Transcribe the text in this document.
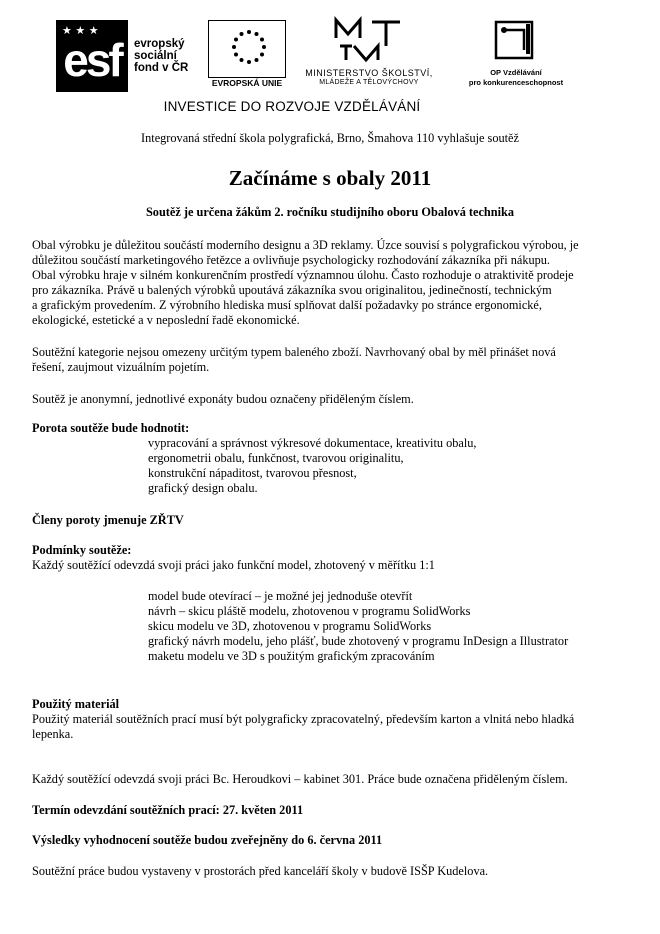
esf
★ ★ ★
evropský
sociální
fond v ČR
EVROPSKÁ UNIE
MINISTERSTVO ŠKOLSTVÍ,
MLÁDEŽE A TĚLOVÝCHOVY
OP Vzdělávání
pro konkurenceschopnost
INVESTICE DO ROZVOJE VZDĚLÁVÁNÍ
Integrovaná střední škola polygrafická, Brno, Šmahova 110 vyhlašuje soutěž
Začínáme s obaly 2011
Soutěž je určena žákům 2. ročníku studijního oboru Obalová technika
Obal výrobku je důležitou součástí moderního designu a 3D reklamy. Úzce souvisí s polygrafickou výrobou, je
důležitou součástí marketingového řetězce a ovlivňuje psychologicky rozhodování zákazníka při nákupu.
Obal výrobku hraje v silném konkurenčním prostředí významnou úlohu. Často rozhoduje o atraktivitě prodeje
pro zákazníka. Právě u balených výrobků upoutává zákazníka svou originalitou, jedinečností, technickým
a grafickým provedením. Z výrobního hlediska musí splňovat další požadavky po stránce ergonomické,
ekologické, estetické a v neposlední řadě ekonomické.
Soutěžní kategorie nejsou omezeny určitým typem baleného zboží. Navrhovaný obal by měl přinášet nová
řešení, zaujmout vizuálním pojetím.
Soutěž je anonymní, jednotlivé exponáty budou označeny přiděleným číslem.
Porota soutěže bude hodnotit:
vypracování a správnost výkresové dokumentace, kreativitu obalu,
ergonometrii obalu, funkčnost, tvarovou originalitu,
konstrukční nápaditost, tvarovou přesnost,
grafický design obalu.
Členy poroty jmenuje ZŘTV
Podmínky soutěže:
Každý soutěžící odevzdá svoji práci jako funkční model, zhotovený v měřítku 1:1
model bude otevírací – je možné jej jednoduše otevřít
návrh – skicu pláště modelu, zhotovenou v programu SolidWorks
skicu modelu ve 3D, zhotovenou v programu SolidWorks
grafický návrh modelu, jeho plášť, bude zhotovený v programu InDesign a Illustrator
maketu modelu ve 3D s použitým grafickým zpracováním
Použitý materiál
Použitý materiál soutěžních prací musí být polygraficky zpracovatelný, především karton a vlnitá nebo hladká
lepenka.
Každý soutěžící odevzdá svoji práci Bc. Heroudkovi – kabinet 301. Práce bude označena přiděleným číslem.
Termín odevzdání soutěžních prací: 27. květen 2011
Výsledky vyhodnocení soutěže budou zveřejněny do 6. června 2011
Soutěžní práce budou vystaveny v prostorách před kanceláří školy v budově ISŠP Kudelova.
